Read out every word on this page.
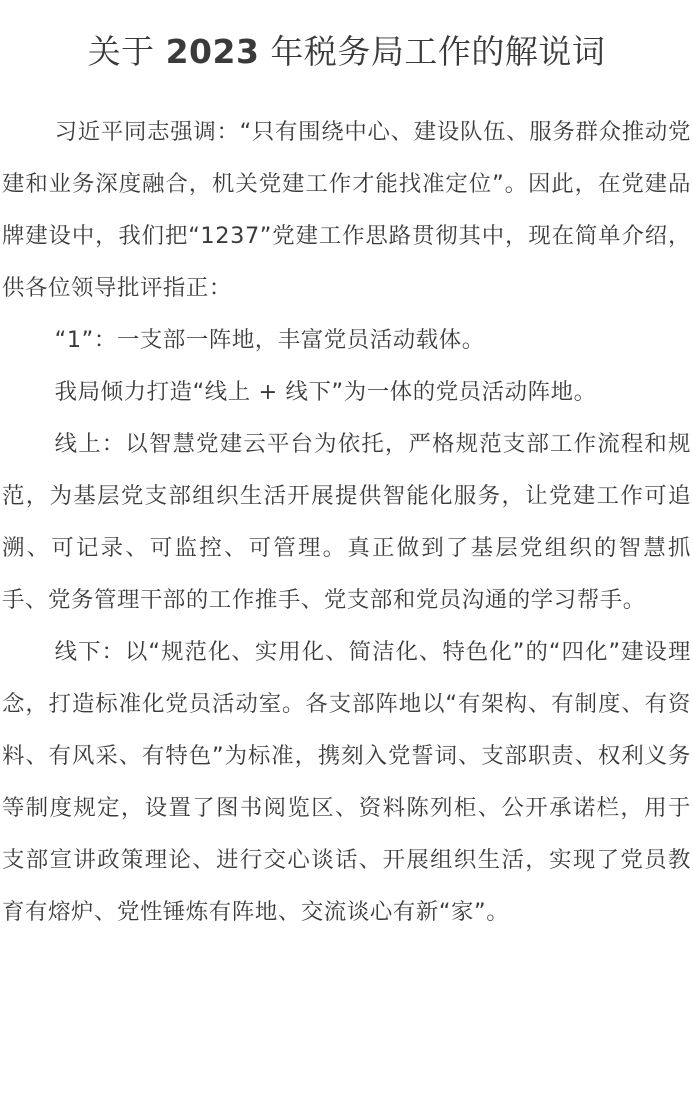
关于 2023 年税务局工作的解说词

习近平同志强调：“只有围绕中心、建设队伍、服务群众推动党建和业务深度融合，机关党建工作才能找准定位”。因此，在党建品牌建设中，我们把“1237”党建工作思路贯彻其中，现在简单介绍，供各位领导批评指正：

“1”：一支部一阵地，丰富党员活动载体。

我局倾力打造“线上 + 线下”为一体的党员活动阵地。

线上：以智慧党建云平台为依托，严格规范支部工作流程和规范，为基层党支部组织生活开展提供智能化服务，让党建工作可追溯、可记录、可监控、可管理。真正做到了基层党组织的智慧抓手、党务管理干部的工作推手、党支部和党员沟通的学习帮手。

线下：以“规范化、实用化、简洁化、特色化”的“四化”建设理念，打造标准化党员活动室。各支部阵地以“有架构、有制度、有资料、有风采、有特色”为标准，携刻入党誓词、支部职责、权利义务等制度规定，设置了图书阅览区、资料陈列柜、公开承诺栏，用于支部宣讲政策理论、进行交心谈话、开展组织生活，实现了党员教育有熔炉、党性锤炼有阵地、交流谈心有新“家”。
